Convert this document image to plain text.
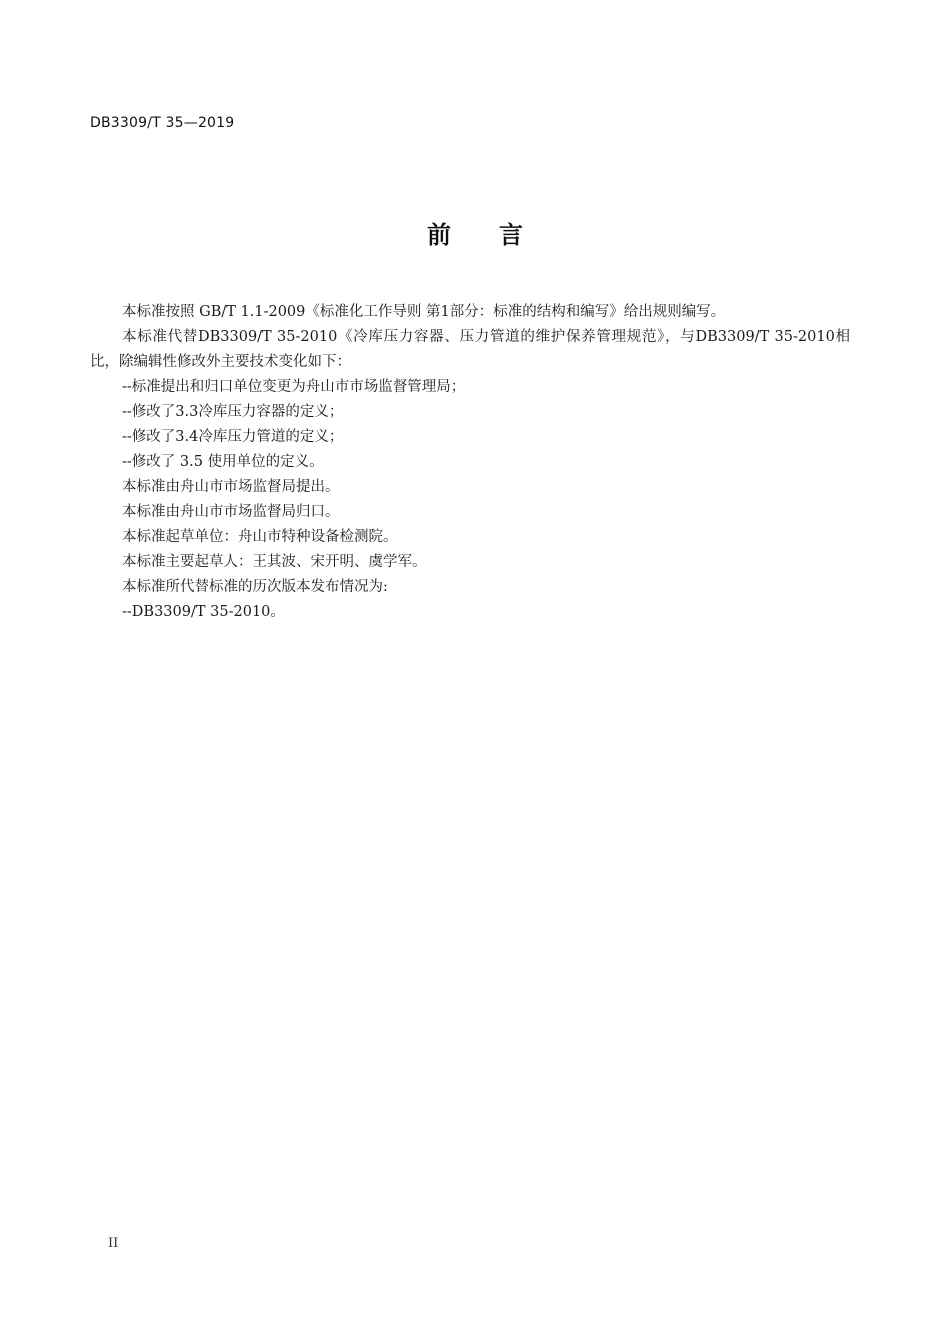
DB3309/T 35—2019
前言

本标准按照 GB/T 1.1-2009《标准化工作导则 第1部分：标准的结构和编写》给出规则编写。

本标准代替DB3309/T 35-2010《冷库压力容器、压力管道的维护保养管理规范》，与DB3309/T 35-2010相比，除编辑性修改外主要技术变化如下：

--标准提出和归口单位变更为舟山市市场监督管理局；

--修改了3.3冷库压力容器的定义；

--修改了3.4冷库压力管道的定义；

--修改了 3.5 使用单位的定义。

本标准由舟山市市场监督局提出。

本标准由舟山市市场监督局归口。

本标准起草单位：舟山市特种设备检测院。

本标准主要起草人：王其波、宋开明、虞学军。

本标准所代替标准的历次版本发布情况为:

--DB3309/T 35-2010。

II
